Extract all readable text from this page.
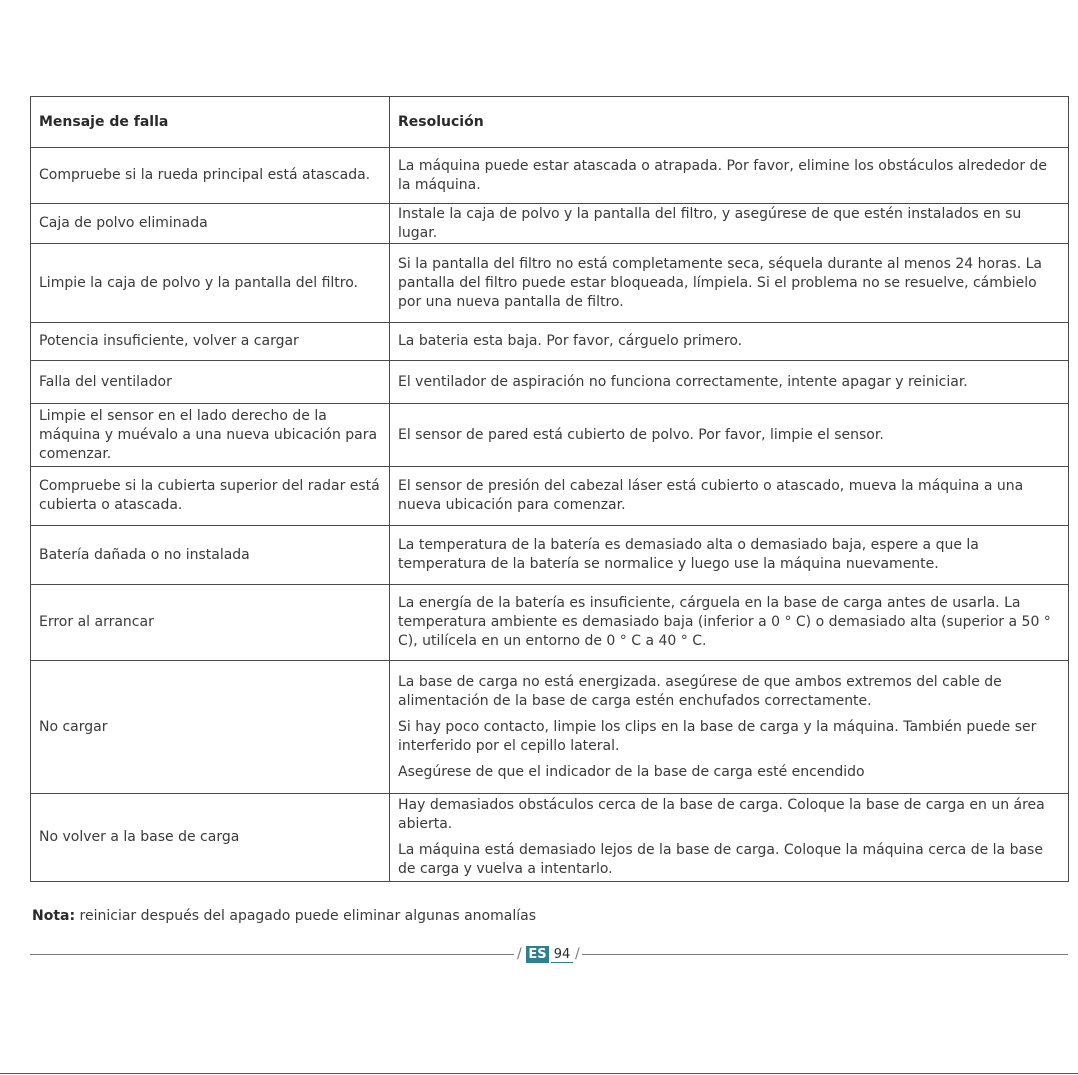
Mensaje de falla	Resolución
Compruebe si la rueda principal está atascada.	La máquina puede estar atascada o atrapada. Por favor, elimine los obstáculos alrededor de la máquina.

Caja de polvo eliminada	Instale la caja de polvo y la pantalla del filtro, y asegúrese de que estén instalados en su lugar.

Limpie la caja de polvo y la pantalla del filtro.	Si la pantalla del filtro no está completamente seca, séquela durante al menos 24 horas. La pantalla del filtro puede estar bloqueada, límpiela. Si el problema no se resuelve, cámbielo por una nueva pantalla de filtro.

Potencia insuficiente, volver a cargar	La bateria esta baja. Por favor, cárguelo primero.

Falla del ventilador	El ventilador de aspiración no funciona correctamente, intente apagar y reiniciar.

Limpie el sensor en el lado derecho de la máquina y muévalo a una nueva ubicación para comenzar.	El sensor de pared está cubierto de polvo. Por favor, limpie el sensor.

Compruebe si la cubierta superior del radar está cubierta o atascada.	El sensor de presión del cabezal láser está cubierto o atascado, mueva la máquina a una nueva ubicación para comenzar.

Batería dañada o no instalada	La temperatura de la batería es demasiado alta o demasiado baja, espere a que la temperatura de la batería se normalice y luego use la máquina nuevamente.

Error al arrancar	La energía de la batería es insuficiente, cárguela en la base de carga antes de usarla. La temperatura ambiente es demasiado baja (inferior a 0 ° C) o demasiado alta (superior a 50 ° C), utilícela en un entorno de 0 ° C a 40 ° C.

No cargar	La base de carga no está energizada. asegúrese de que ambos extremos del cable de alimentación de la base de carga estén enchufados correctamente.

Si hay poco contacto, limpie los clips en la base de carga y la máquina. También puede ser interferido por el cepillo lateral.

Asegúrese de que el indicador de la base de carga esté encendido

No volver a la base de carga	Hay demasiados obstáculos cerca de la base de carga. Coloque la base de carga en un área abierta.

La máquina está demasiado lejos de la base de carga. Coloque la máquina cerca de la base de carga y vuelva a intentarlo.

Nota: reiniciar después del apagado puede eliminar algunas anomalías
/ ES 94 /
